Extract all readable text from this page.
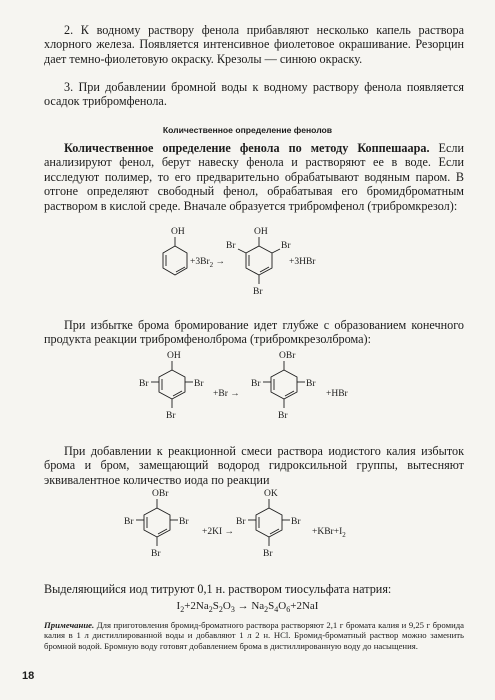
2. К водному раствору фенола прибавляют несколько капель раствора хлорного железа. Появляется интенсивное фиолетовое окрашивание. Резорцин дает темно-фиолетовую окраску. Крезолы — синюю окраску.

3. При добавлении бромной воды к водному раствору фенола появляется осадок трибромфенола.

Количественное определение фенолов

Количественное определение фенола по методу Коппешаара. Если анализируют фенол, берут навеску фенола и растворяют ее в воде. Если исследуют полимер, то его предварительно обрабатывают водяным паром. В отгоне определяют свободный фенол, обрабатывая его бромидброматным раствором в кислой среде. Вначале образуется трибромфенол (трибромкрезол):

OH
$+3Br_2$ →
OH
Br	Br
Br
+3HBr

При избытке брома бромирование идет глубже с образованием конечного продукта реакции трибромфенолброма (трибромкрезолброма):

OH
Br	Br
Br
+Br →
OBr
Br	Br
Br
+HBr

При добавлении к реакционной смеси раствора иодистого калия избыток брома и бром, замещающий водород гидроксильной группы, вытесняют эквивалентное количество иода по реакции

OBr
Br	Br
Br
+2KI →
OK
Br	Br
Br
$+KBr+I_2$

Выделяющийся иод титруют 0,1 н. раствором тиосульфата натрия:

$I_2+2Na_2S_2O_3 \to Na_2S_4O_6+2NaI$

Примечание. Для приготовления бромид-броматного раствора растворяют 2,1 г бромата калия и 9,25 г бромида калия в 1 л дистиллированной воды и добавляют 1 л 2 н. HCl. Бромид-броматный раствор можно заменить бромной водой. Бромную воду готовят добавлением брома в дистиллированную воду до насыщения.

18
